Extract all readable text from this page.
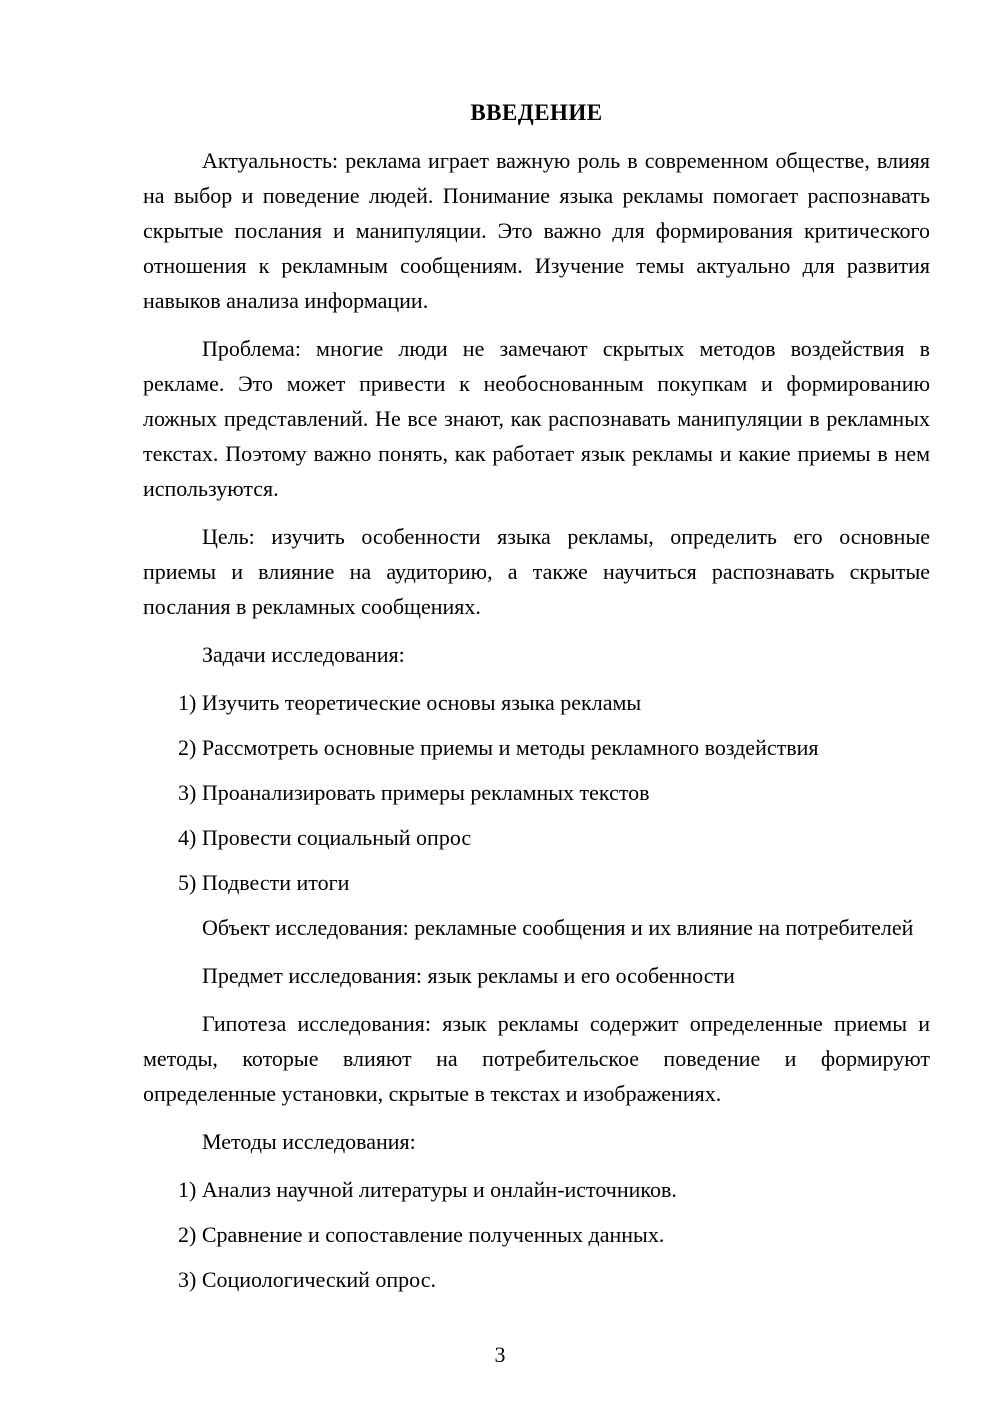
ВВЕДЕНИЕ

Актуальность: реклама играет важную роль в современном обществе, влияя на выбор и поведение людей. Понимание языка рекламы помогает распознавать скрытые послания и манипуляции. Это важно для формирования критического отношения к рекламным сообщениям. Изучение темы актуально для развития навыков анализа информации.

Проблема: многие люди не замечают скрытых методов воздействия в рекламе. Это может привести к необоснованным покупкам и формированию ложных представлений. Не все знают, как распознавать манипуляции в рекламных текстах. Поэтому важно понять, как работает язык рекламы и какие приемы в нем используются.

Цель: изучить особенности языка рекламы, определить его основные приемы и влияние на аудиторию, а также научиться распознавать скрытые послания в рекламных сообщениях.

Задачи исследования:

1) Изучить теоретические основы языка рекламы

2) Рассмотреть основные приемы и методы рекламного воздействия

3) Проанализировать примеры рекламных текстов

4) Провести социальный опрос

5) Подвести итоги

Объект исследования: рекламные сообщения и их влияние на потребителей

Предмет исследования: язык рекламы и его особенности

Гипотеза исследования: язык рекламы содержит определенные приемы и методы, которые влияют на потребительское поведение и формируют определенные установки, скрытые в текстах и изображениях.

Методы исследования:

1) Анализ научной литературы и онлайн-источников.

2) Сравнение и сопоставление полученных данных.

3) Социологический опрос.

3
